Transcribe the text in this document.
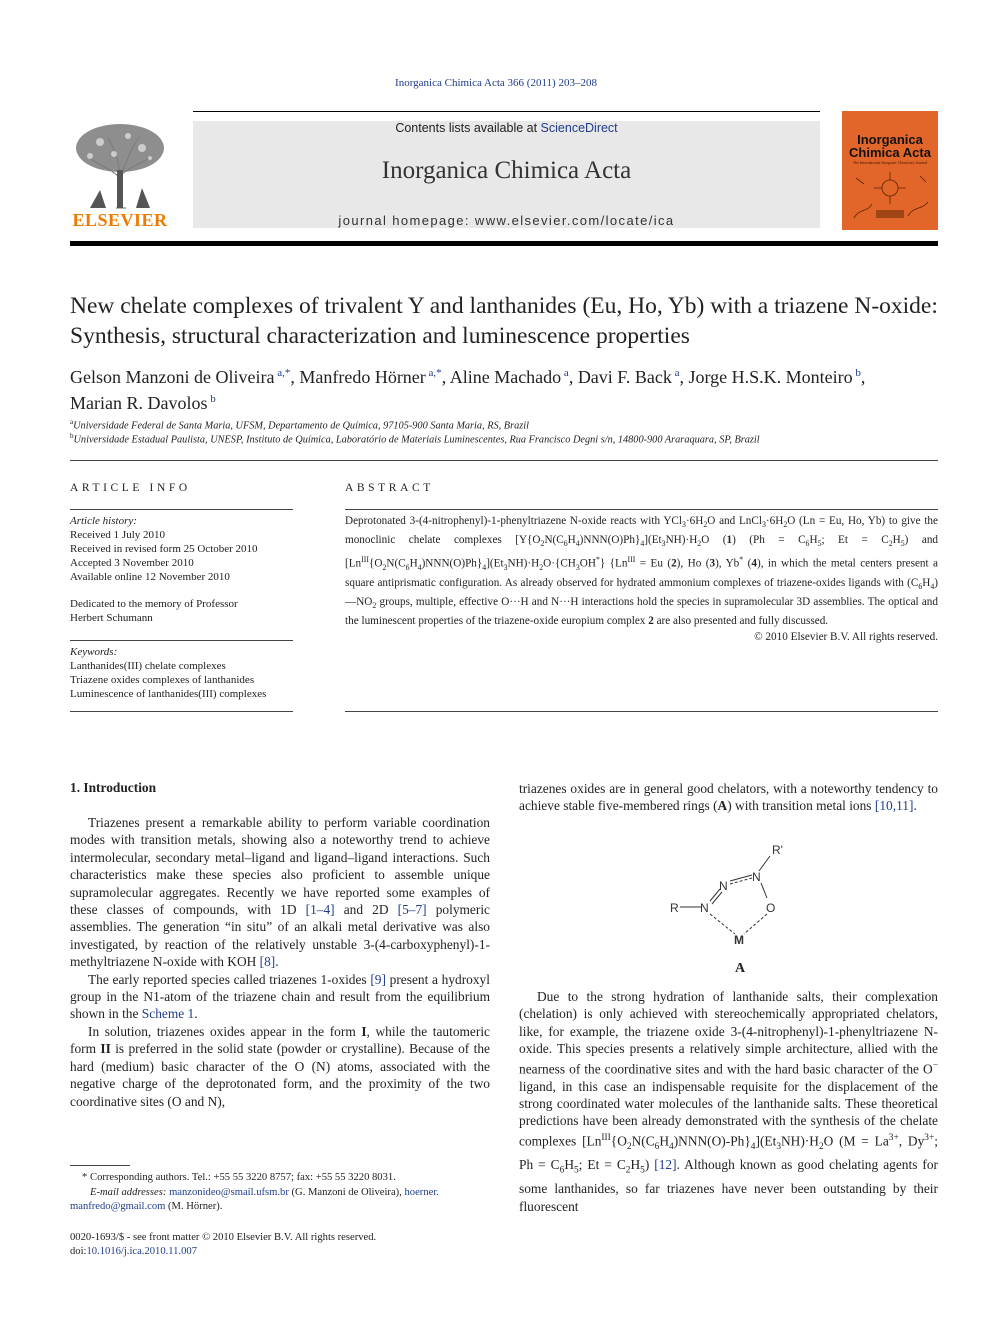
Inorganica Chimica Acta 366 (2011) 203–208
ELSEVIER
Contents lists available at ScienceDirect
Inorganica Chimica Acta
journal homepage: www.elsevier.com/locate/ica
Inorganica
Chimica Acta
The International Inorganic Chemistry Journal
New chelate complexes of trivalent Y and lanthanides (Eu, Ho, Yb) with a triazene N-oxide: Synthesis, structural characterization and luminescence properties
Gelson Manzoni de Oliveira $^{a,*}$, Manfredo Hörner $^{a,*}$, Aline Machado $^a$, Davi F. Back $^a$, Jorge H.S.K. Monteiro $^b$,
Marian R. Davolos $^b$
$^a$Universidade Federal de Santa Maria, UFSM, Departamento de Química, 97105-900 Santa Maria, RS, Brazil
$^b$Universidade Estadual Paulista, UNESP, Instituto de Química, Laboratório de Materiais Luminescentes, Rua Francisco Degni s/n, 14800-900 Araraquara, SP, Brazil
ARTICLE INFO
Article history:
Received 1 July 2010
Received in revised form 25 October 2010
Accepted 3 November 2010
Available online 12 November 2010
Dedicated to the memory of Professor
Herbert Schumann
Keywords:
Lanthanides(III) chelate complexes
Triazene oxides complexes of lanthanides
Luminescence of lanthanides(III) complexes
ABSTRACT
Deprotonated 3-(4-nitrophenyl)-1-phenyltriazene N-oxide reacts with $YCl_3\cdot 6H_2O$ and $LnCl_3\cdot 6H_2O$ (Ln = Eu, Ho, Yb) to give the monoclinic chelate complexes $[Y\{O_2N(C_6H_4)NNN(O)Ph\}_4](Et_3NH)\cdot H_2O$ (1) ($Ph = C_6H_5$; $Et = C_2H_5$) and $[Ln^{III}\{O_2N(C_6H_4)NNN(O)Ph\}_4](Et_3NH)\cdot H_2O\cdot\{CH_3OH^*\} \{Ln^{III} = Eu$ (2), Ho (3), Yb* (4), in which the metal centers present a square antiprismatic configuration. As already observed for hydrated ammonium complexes of triazene-oxides ligands with $(C_6H_4)—NO_2$ groups, multiple, effective O···H and N···H interactions hold the species in supramolecular 3D assemblies. The optical and the luminescent properties of the triazene-oxide europium complex 2 are also presented and fully discussed.
© 2010 Elsevier B.V. All rights reserved.
1. Introduction

Triazenes present a remarkable ability to perform variable coordination modes with transition metals, showing also a noteworthy trend to achieve intermolecular, secondary metal–ligand and ligand–ligand interactions. Such characteristics make these species also proficient to assemble unique supramolecular aggregates. Recently we have reported some examples of these classes of compounds, with 1D [1–4] and 2D [5–7] polymeric assemblies. The generation “in situ” of an alkali metal derivative was also investigated, by reaction of the relatively unstable 3-(4-carboxyphenyl)-1-methyltriazene N-oxide with KOH [8].

The early reported species called triazenes 1-oxides [9] present a hydroxyl group in the N1-atom of the triazene chain and result from the equilibrium shown in the Scheme 1.

In solution, triazenes oxides appear in the form I, while the tautomeric form II is preferred in the solid state (powder or crystalline). Because of the hard (medium) basic character of the O (N) atoms, associated with the negative charge of the deprotonated form, and the proximity of the two coordinative sites (O and N),

* Corresponding authors. Tel.: +55 55 3220 8757; fax: +55 55 3220 8031.
E-mail addresses: manzonideo@smail.ufsm.br (G. Manzoni de Oliveira), hoerner.
manfredo@gmail.com (M. Hörner).
0020-1693/$ - see front matter © 2010 Elsevier B.V. All rights reserved.
doi:10.1016/j.ica.2010.11.007

triazenes oxides are in general good chelators, with a noteworthy tendency to achieve stable five-membered rings (A) with transition metal ions [10,11].

R'
N
N
N
R	O
M
A

Due to the strong hydration of lanthanide salts, their complexation (chelation) is only achieved with stereochemically appropriated chelators, like, for example, the triazene oxide 3-(4-nitrophenyl)-1-phenyltriazene N-oxide. This species presents a relatively simple architecture, allied with the nearness of the coordinative sites and with the hard basic character of the O− ligand, in this case an indispensable requisite for the displacement of the strong coordinated water molecules of the lanthanide salts. These theoretical predictions have been already demonstrated with the synthesis of the chelate complexes $[Ln^{III}\{O_2N(C_6H_4)NNN(O)-Ph\}_4](Et_3NH)\cdot H_2O$ ($M = La^{3+}$, $Dy^{3+}$; $Ph = C_6H_5$; $Et = C_2H_5$) [12]. Although known as good chelating agents for some lanthanides, so far triazenes have never been outstanding by their fluorescent
